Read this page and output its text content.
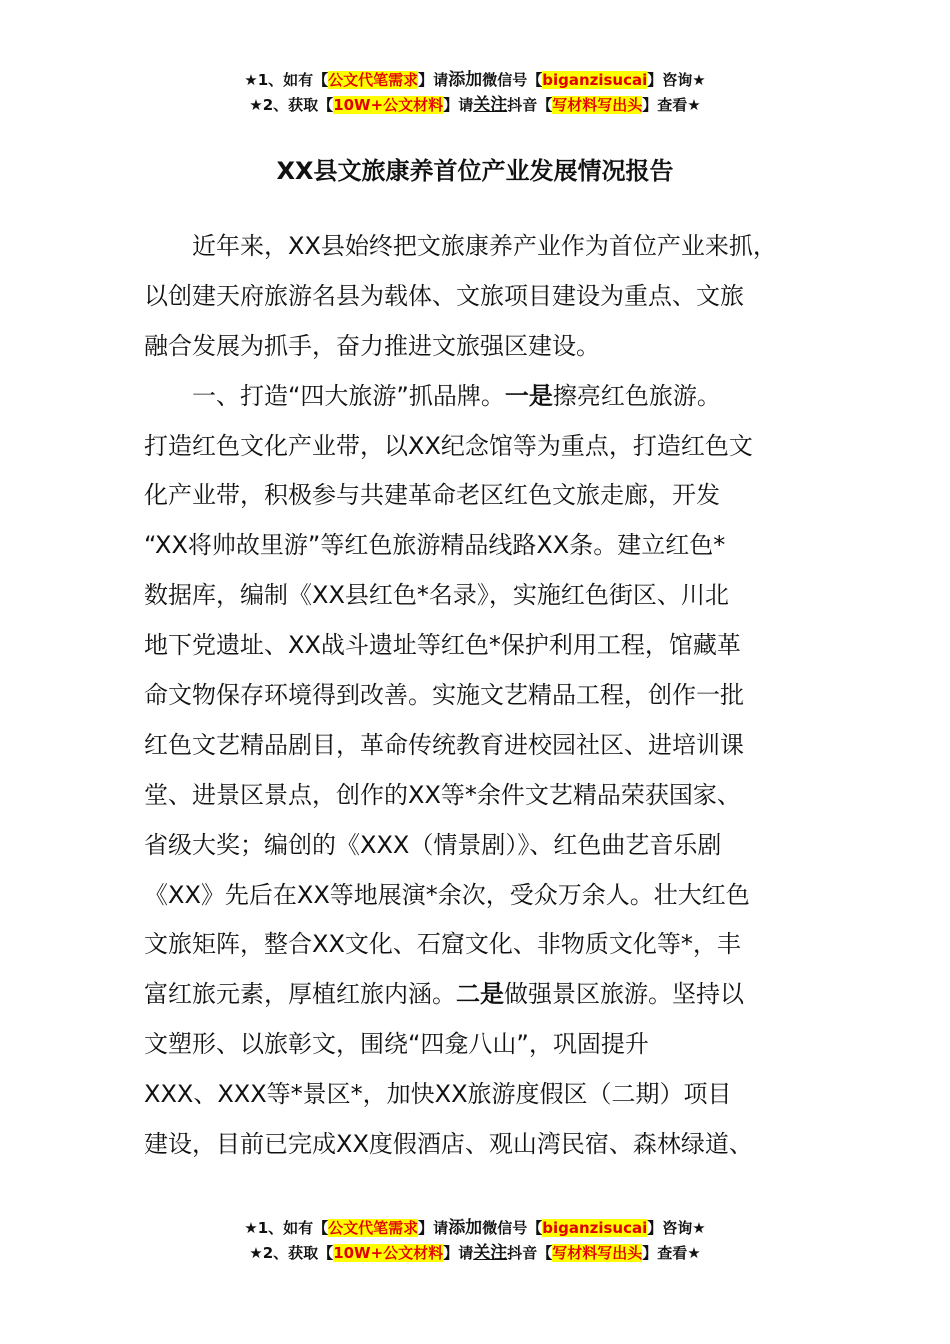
★1、如有【公文代笔需求】请添加微信号【biganzisucai】咨询★
★2、获取【10W+公文材料】请关注抖音【写材料写出头】查看★
XX县文旅康养首位产业发展情况报告
近年来，XX县始终把文旅康养产业作为首位产业来抓，
以创建天府旅游名县为载体、文旅项目建设为重点、文旅
融合发展为抓手，奋力推进文旅强区建设。
一、打造“四大旅游”抓品牌。一是擦亮红色旅游。
打造红色文化产业带，以XX纪念馆等为重点，打造红色文
化产业带，积极参与共建革命老区红色文旅走廊，开发
“XX将帅故里游”等红色旅游精品线路XX条。建立红色*
数据库，编制《XX县红色*名录》，实施红色街区、川北
地下党遗址、XX战斗遗址等红色*保护利用工程，馆藏革
命文物保存环境得到改善。实施文艺精品工程，创作一批
红色文艺精品剧目，革命传统教育进校园社区、进培训课
堂、进景区景点，创作的XX等*余件文艺精品荣获国家、
省级大奖；编创的《XXX（情景剧）》、红色曲艺音乐剧
《XX》先后在XX等地展演*余次，受众万余人。壮大红色
文旅矩阵，整合XX文化、石窟文化、非物质文化等*，丰
富红旅元素，厚植红旅内涵。二是做强景区旅游。坚持以
文塑形、以旅彰文，围绕“四龛八山”，巩固提升
XXX、XXX等*景区*，加快XX旅游度假区（二期）项目
建设，目前已完成XX度假酒店、观山湾民宿、森林绿道、
★1、如有【公文代笔需求】请添加微信号【biganzisucai】咨询★
★2、获取【10W+公文材料】请关注抖音【写材料写出头】查看★
